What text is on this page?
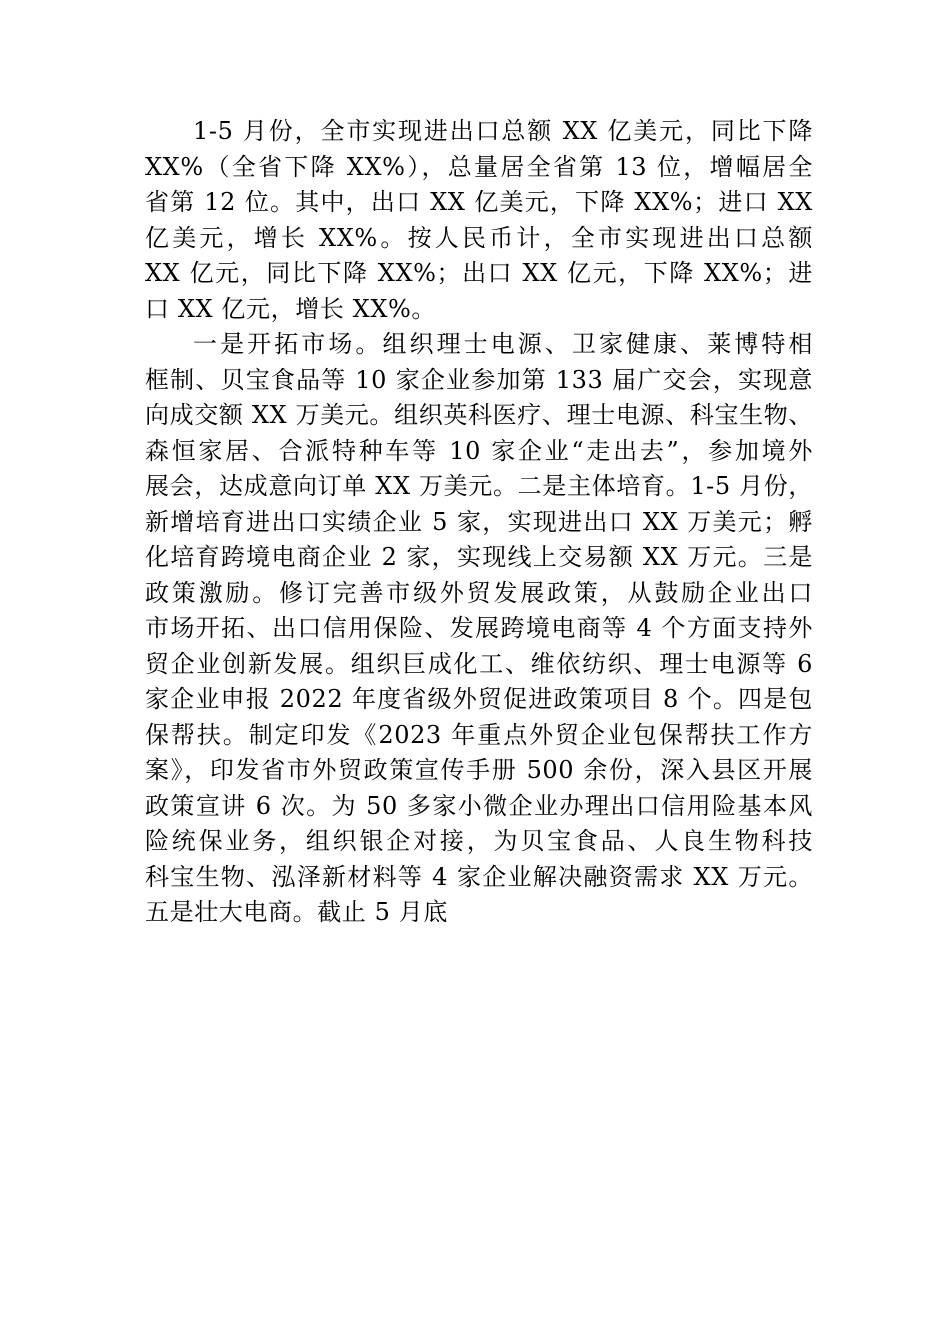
1-5 月份，全市实现进出口总额 XX 亿美元，同比下降
XX%（全省下降 XX%），总量居全省第 13 位，增幅居全
省第 12 位。其中，出口 XX 亿美元，下降 XX%；进口 XX
亿美元，增长 XX%。按人民币计，全市实现进出口总额
XX 亿元，同比下降 XX%；出口 XX 亿元，下降 XX%；进
口 XX 亿元，增长 XX%。
一是开拓市场。组织理士电源、卫家健康、莱博特相
框制、贝宝食品等 10 家企业参加第 133 届广交会，实现意
向成交额 XX 万美元。组织英科医疗、理士电源、科宝生物、
森恒家居、合派特种车等 10 家企业“走出去”，参加境外
展会，达成意向订单 XX 万美元。二是主体培育。1-5 月份，
新增培育进出口实绩企业 5 家，实现进出口 XX 万美元；孵
化培育跨境电商企业 2 家，实现线上交易额 XX 万元。三是
政策激励。修订完善市级外贸发展政策，从鼓励企业出口
市场开拓、出口信用保险、发展跨境电商等 4 个方面支持外
贸企业创新发展。组织巨成化工、维依纺织、理士电源等 6
家企业申报 2022 年度省级外贸促进政策项目 8 个。四是包
保帮扶。制定印发《2023 年重点外贸企业包保帮扶工作方
案》，印发省市外贸政策宣传手册 500 余份，深入县区开展
政策宣讲 6 次。为 50 多家小微企业办理出口信用险基本风
险统保业务，组织银企对接，为贝宝食品、人良生物科技
科宝生物、泓泽新材料等 4 家企业解决融资需求 XX 万元。
五是壮大电商。截止 5 月底
